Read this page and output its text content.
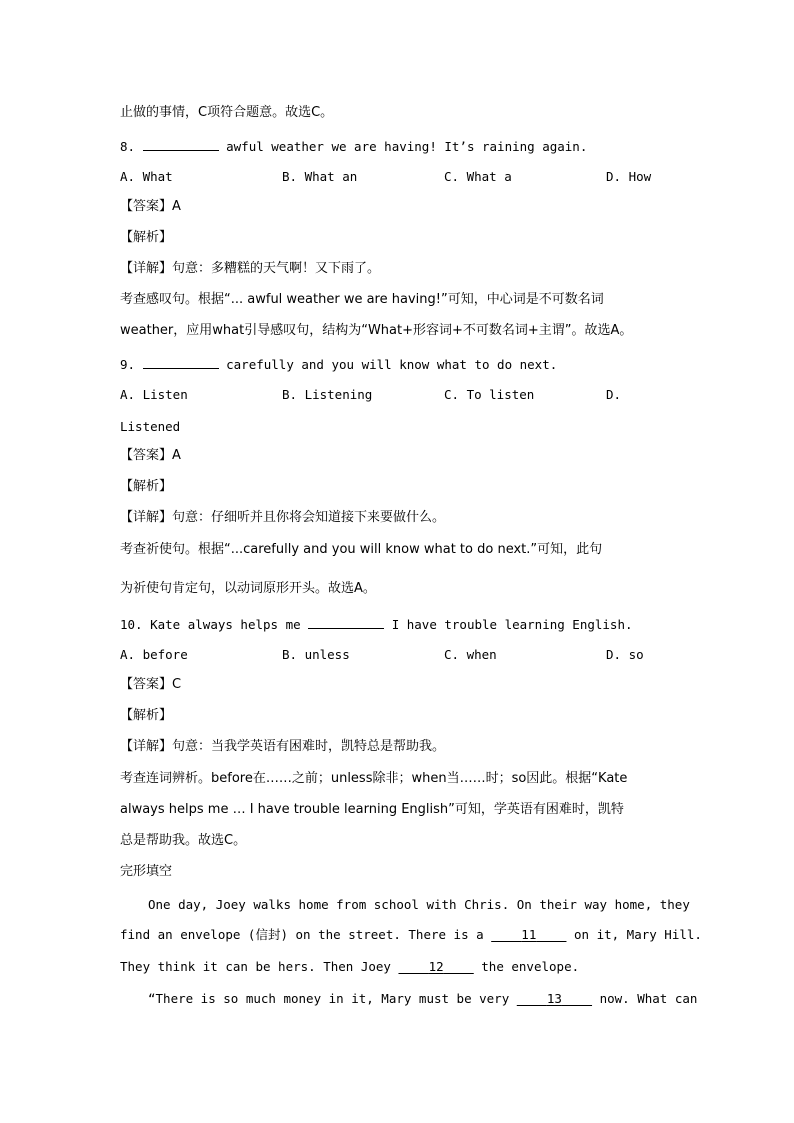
止做的事情，C项符合题意。故选C。
8.	awful weather we are having! It’s raining again.
A. What	B. What an	C. What a	D. How
【答案】A
【解析】
【详解】句意：多糟糕的天气啊！又下雨了。
考查感叹句。根据“... awful weather we are having!”可知，中心词是不可数名词
weather，应用what引导感叹句，结构为“What+形容词+不可数名词+主谓”。故选A。
9.	carefully and you will know what to do next.
A. Listen	B. Listening	C. To listen	D.
Listened
【答案】A
【解析】
【详解】句意：仔细听并且你将会知道接下来要做什么。
考查祈使句。根据“...carefully and you will know what to do next.”可知，此句
为祈使句肯定句，以动词原形开头。故选A。
10. Kate always helps me	I have trouble learning English.
A. before	B. unless	C. when	D. so
【答案】C
【解析】
【详解】句意：当我学英语有困难时，凯特总是帮助我。
考查连词辨析。before在……之前；unless除非；when当……时；so因此。根据“Kate
always helps me … I have trouble learning English”可知，学英语有困难时，凯特
总是帮助我。故选C。
完形填空
One day, Joey walks home from school with Chris. On their way home, they
find an envelope (信封) on the street. There is a	11	on it, Mary Hill.
They think it can be hers. Then Joey	12	the envelope.
“There is so much money in it, Mary must be very	13	now. What can
